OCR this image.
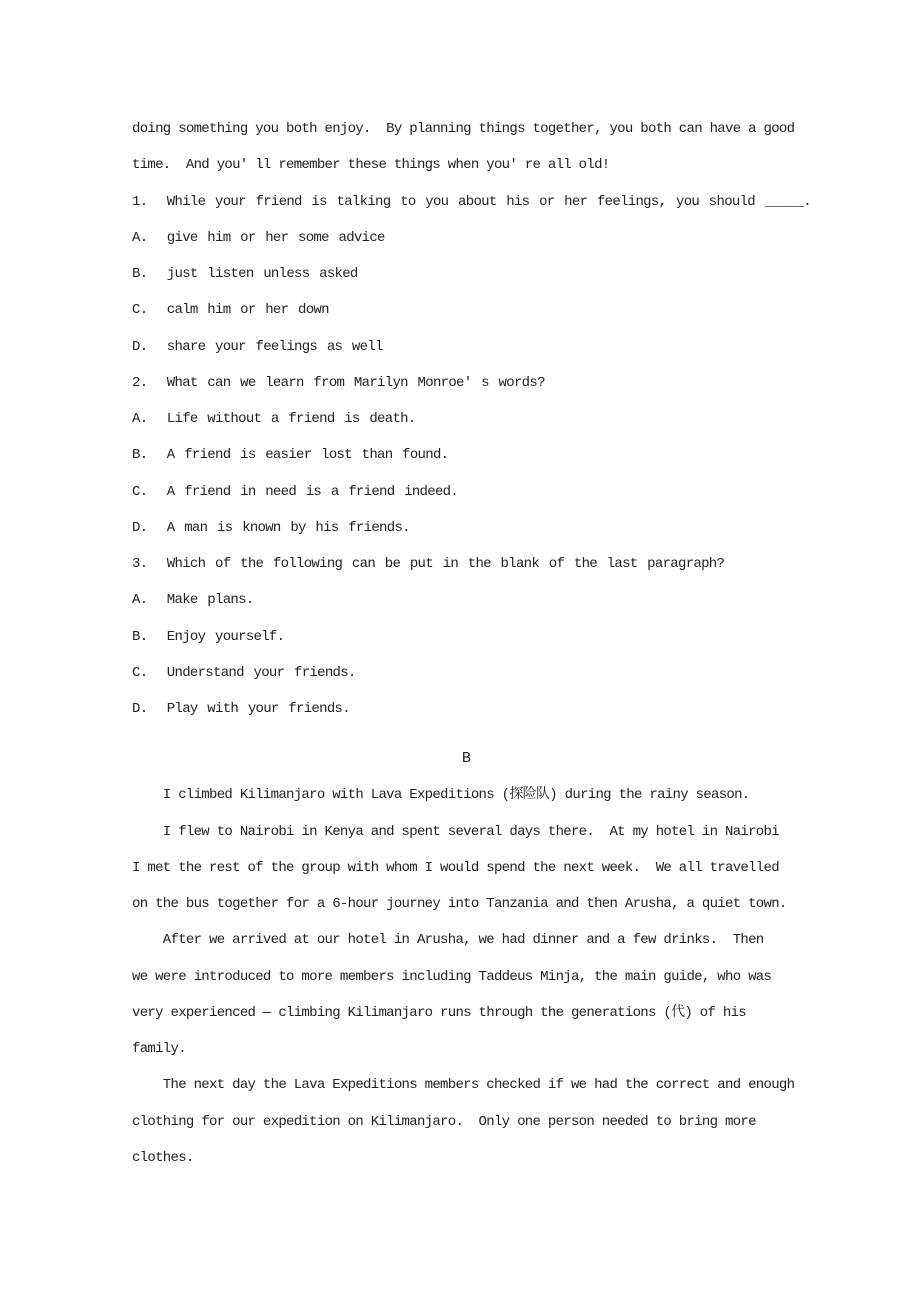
doing something you both enjoy.  By planning things together, you both can have a good
time.  And you' ll remember these things when you' re all old!
1.  While your friend is talking to you about his or her feelings, you should _____.
A.  give him or her some advice
B.  just listen unless asked
C.  calm him or her down
D.  share your feelings as well
2.  What can we learn from Marilyn Monroe' s words?
A.  Life without a friend is death.
B.  A friend is easier lost than found.
C.  A friend in need is a friend indeed.
D.  A man is known by his friends.
3.  Which of the following can be put in the blank of the last paragraph?
A.  Make plans.
B.  Enjoy yourself.
C.  Understand your friends.
D.  Play with your friends.
B
I climbed Kilimanjaro with Lava Expeditions (探险队) during the rainy season.
I flew to Nairobi in Kenya and spent several days there.  At my hotel in Nairobi
I met the rest of the group with whom I would spend the next week.  We all travelled
on the bus together for a 6-hour journey into Tanzania and then Arusha, a quiet town.
After we arrived at our hotel in Arusha, we had dinner and a few drinks.  Then
we were introduced to more members including Taddeus Minja, the main guide, who was
very experienced — climbing Kilimanjaro runs through the generations (代) of his
family.
The next day the Lava Expeditions members checked if we had the correct and enough
clothing for our expedition on Kilimanjaro.  Only one person needed to bring more
clothes.
